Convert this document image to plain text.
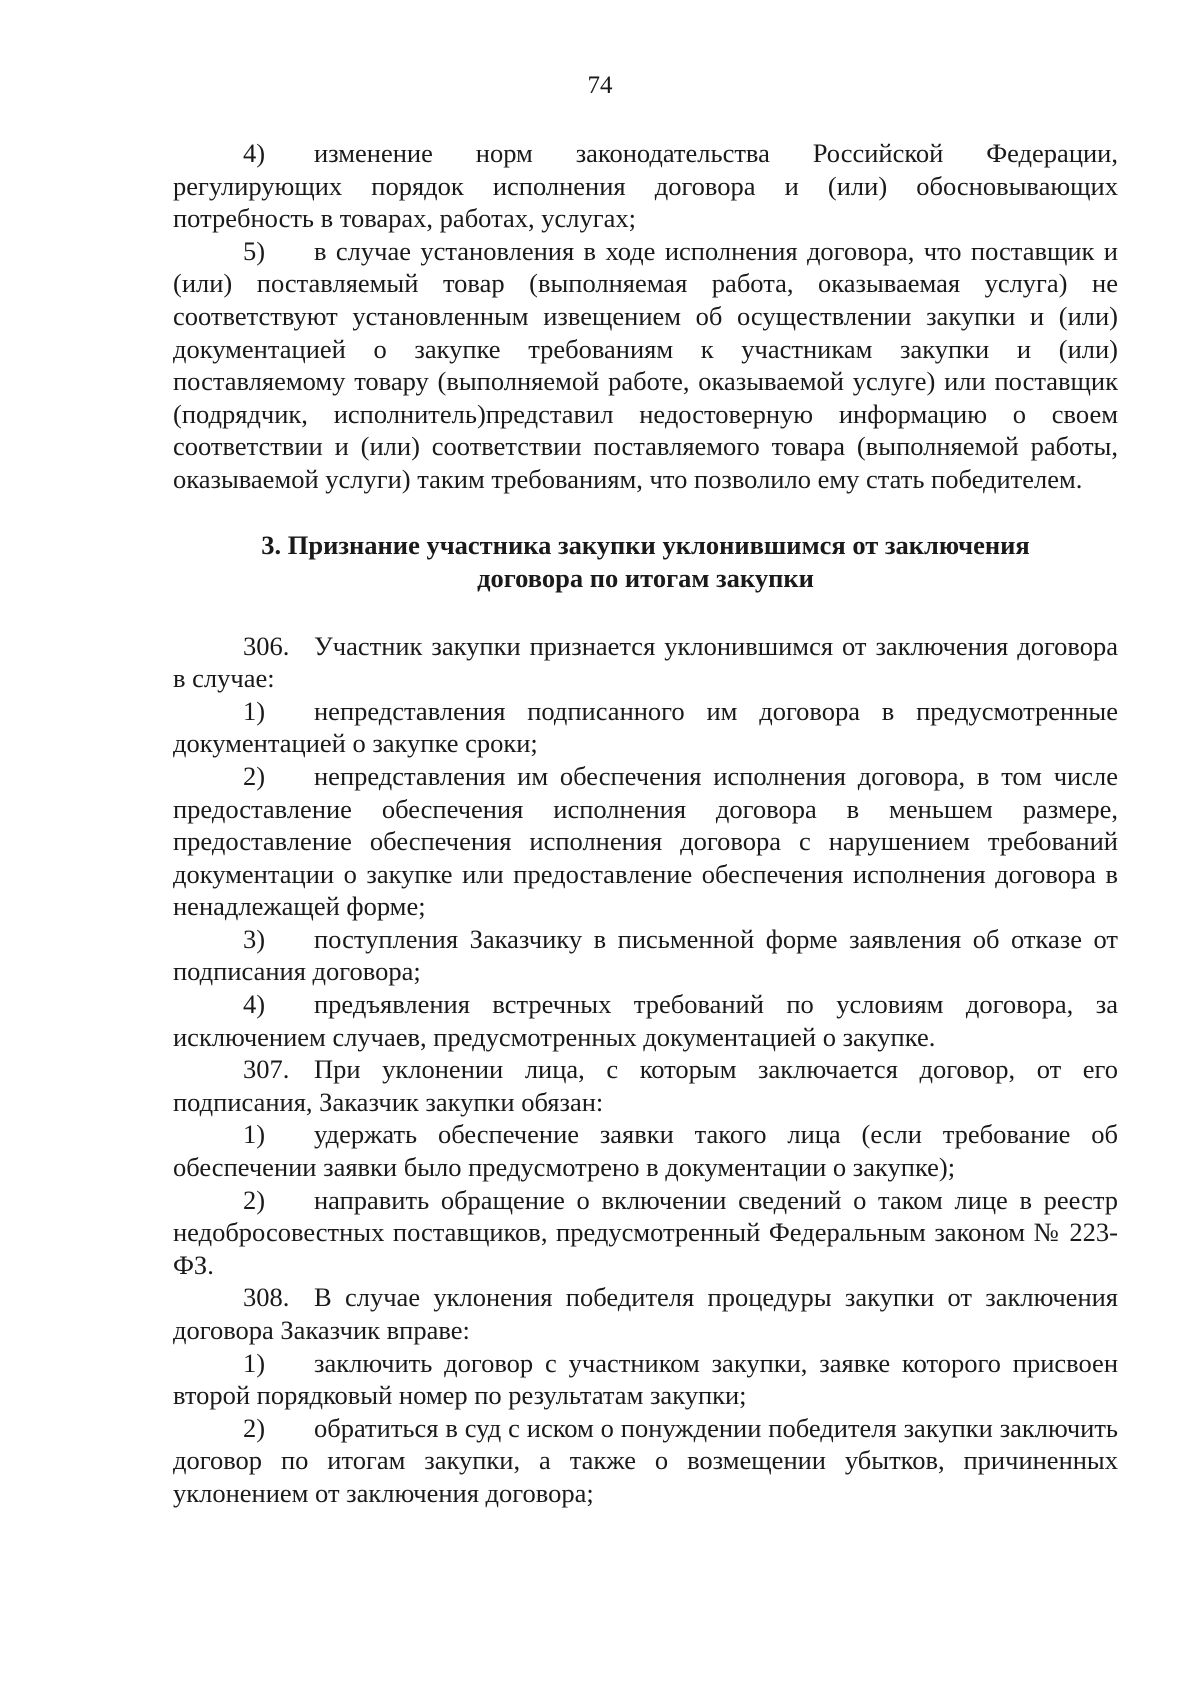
74

4) изменение норм законодательства Российской Федерации, регулирующих порядок исполнения договора и (или) обосновывающих потребность в товарах, работах, услугах;

5) в случае установления в ходе исполнения договора, что поставщик и (или) поставляемый товар (выполняемая работа, оказываемая услуга) не соответствуют установленным извещением об осуществлении закупки и (или) документацией о закупке требованиям к участникам закупки и (или) поставляемому товару (выполняемой работе, оказываемой услуге) или поставщик (подрядчик, исполнитель)представил недостоверную информацию о своем соответствии и (или) соответствии поставляемого товара (выполняемой работы, оказываемой услуги) таким требованиям, что позволило ему стать победителем.

3. Признание участника закупки уклонившимся от заключения
договора по итогам закупки

306. Участник закупки признается уклонившимся от заключения договора в случае:

1) непредставления подписанного им договора в предусмотренные документацией о закупке сроки;

2) непредставления им обеспечения исполнения договора, в том числе предоставление обеспечения исполнения договора в меньшем размере, предоставление обеспечения исполнения договора с нарушением требований документации о закупке или предоставление обеспечения исполнения договора в ненадлежащей форме;

3) поступления Заказчику в письменной форме заявления об отказе от подписания договора;

4) предъявления встречных требований по условиям договора, за исключением случаев, предусмотренных документацией о закупке.

307. При уклонении лица, с которым заключается договор, от его подписания, Заказчик закупки обязан:

1) удержать обеспечение заявки такого лица (если требование об обеспечении заявки было предусмотрено в документации о закупке);

2) направить обращение о включении сведений о таком лице в реестр недобросовестных поставщиков, предусмотренный Федеральным законом № 223-ФЗ.

308. В случае уклонения победителя процедуры закупки от заключения договора Заказчик вправе:

1) заключить договор с участником закупки, заявке которого присвоен второй порядковый номер по результатам закупки;

2) обратиться в суд с иском о понуждении победителя закупки заключить договор по итогам закупки, а также о возмещении убытков, причиненных уклонением от заключения договора;
